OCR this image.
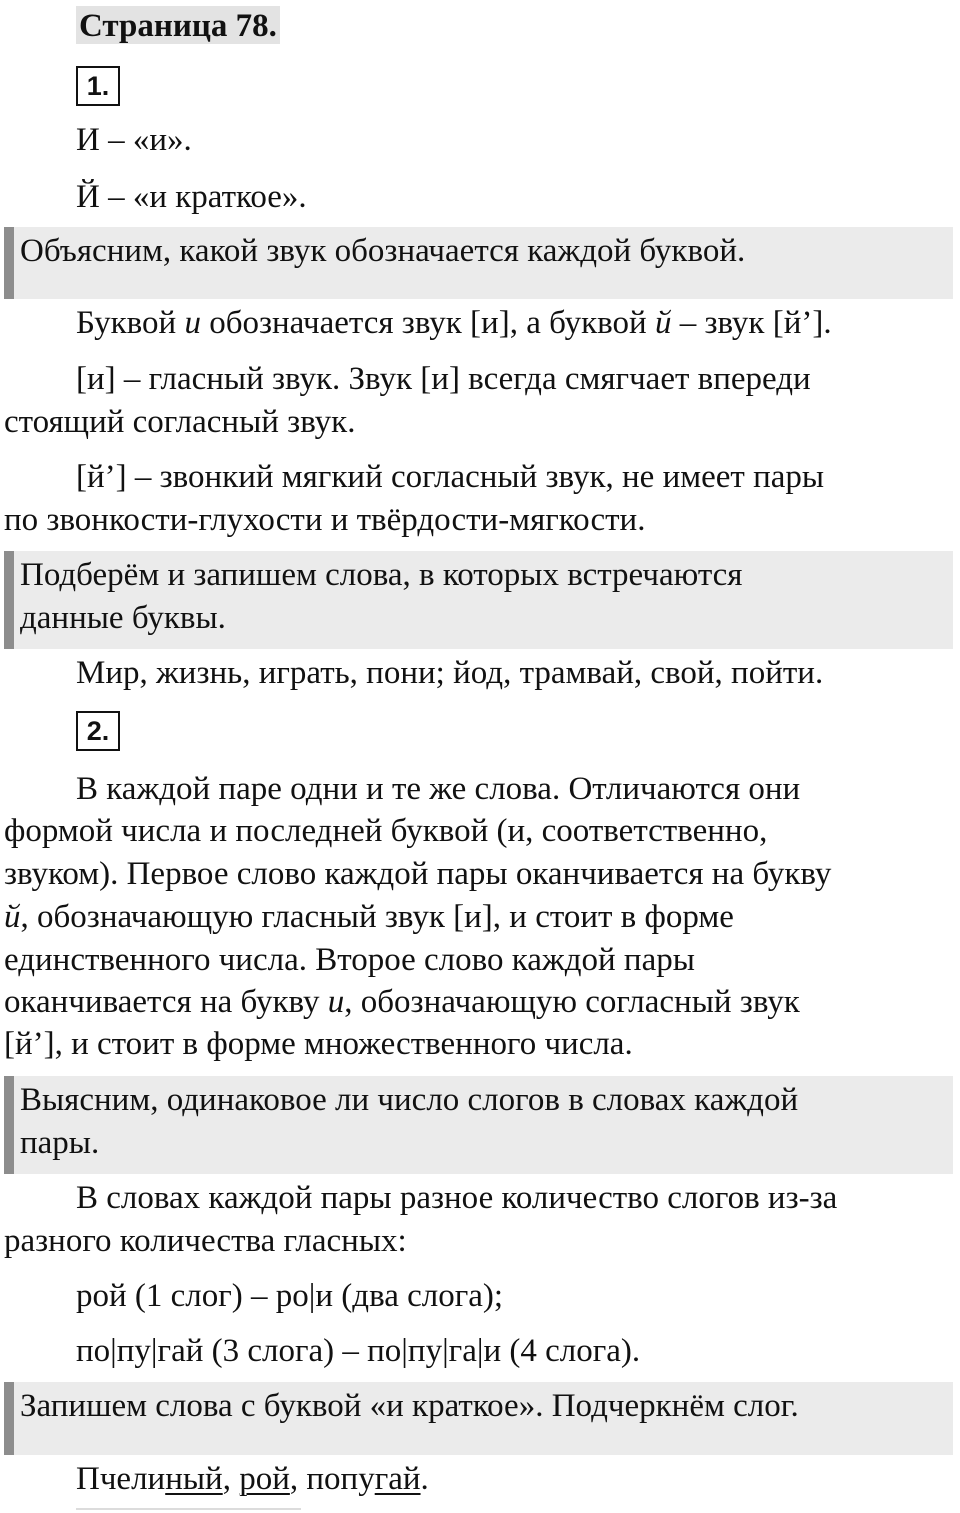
Страница 78.
1.
И – «и».
Й – «и краткое».
Объясним, какой звук обозначается каждой буквой.
Буквой и обозначается звук [и], а буквой й – звук [й’].
[и] – гласный звук. Звук [и] всегда смягчает впереди
стоящий согласный звук.
[й’] – звонкий мягкий согласный звук, не имеет пары
по звонкости-глухости и твёрдости-мягкости.
Подберём и запишем слова, в которых встречаются
данные буквы.
Мир, жизнь, играть, пони; йод, трамвай, свой, пойти.
2.
В каждой паре одни и те же слова. Отличаются они
формой числа и последней буквой (и, соответственно,
звуком). Первое слово каждой пары оканчивается на букву
й, обозначающую гласный звук [и], и стоит в форме
единственного числа. Второе слово каждой пары
оканчивается на букву и, обозначающую согласный звук
[й’], и стоит в форме множественного числа.
Выясним, одинаковое ли число слогов в словах каждой
пары.
В словах каждой пары разное количество слогов из-за
разного количества гласных:
рой (1 слог) – ро|и (два слога);
по|пу|гай (3 слога) – по|пу|га|и (4 слога).
Запишем слова с буквой «и краткое». Подчеркнём слог.
Пчелиный, рой, попугай.
